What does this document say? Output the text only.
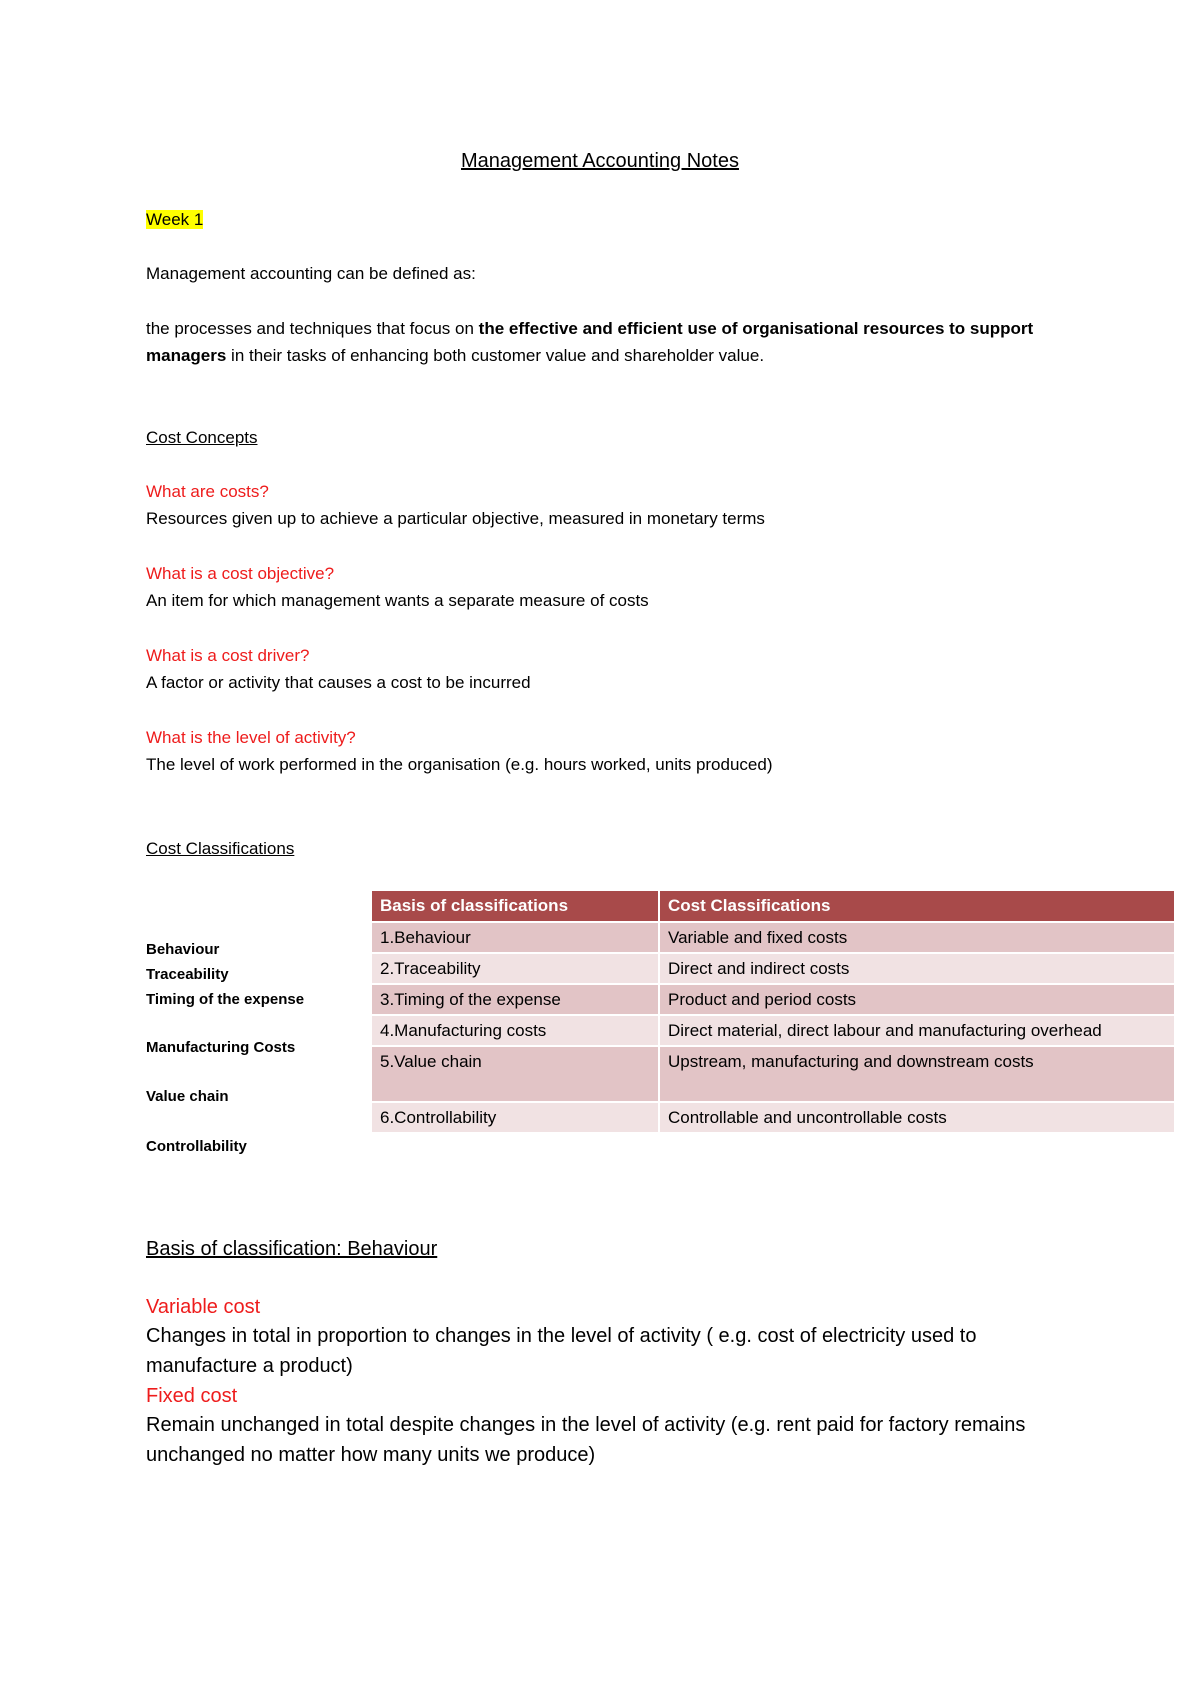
Management Accounting Notes

Week 1

Management accounting can be defined as:

the processes and techniques that focus on the effective and efficient use of organisational resources to support managers in their tasks of enhancing both customer value and shareholder value.

Cost Concepts

What are costs?

Resources given up to achieve a particular objective, measured in monetary terms

What is a cost objective?

An item for which management wants a separate measure of costs

What is a cost driver?

A factor or activity that causes a cost to be incurred

What is the level of activity?

The level of work performed in the organisation (e.g. hours worked, units produced)

Cost Classifications

Behaviour
Traceability
Timing of the expense
Manufacturing Costs
Value chain
Controllability
Basis of classifications	Cost Classifications
1.Behaviour	Variable and fixed costs
2.Traceability	Direct and indirect costs
3.Timing of the expense	Product and period costs
4.Manufacturing costs	Direct material, direct labour and manufacturing overhead
5.Value chain	Upstream, manufacturing and downstream costs
6.Controllability	Controllable and uncontrollable costs

Basis of classification: Behaviour

Variable cost

Changes in total in proportion to changes in the level of activity ( e.g. cost of electricity used to manufacture a product)

Fixed cost

Remain unchanged in total despite changes in the level of activity (e.g. rent paid for factory remains unchanged no matter how many units we produce)
